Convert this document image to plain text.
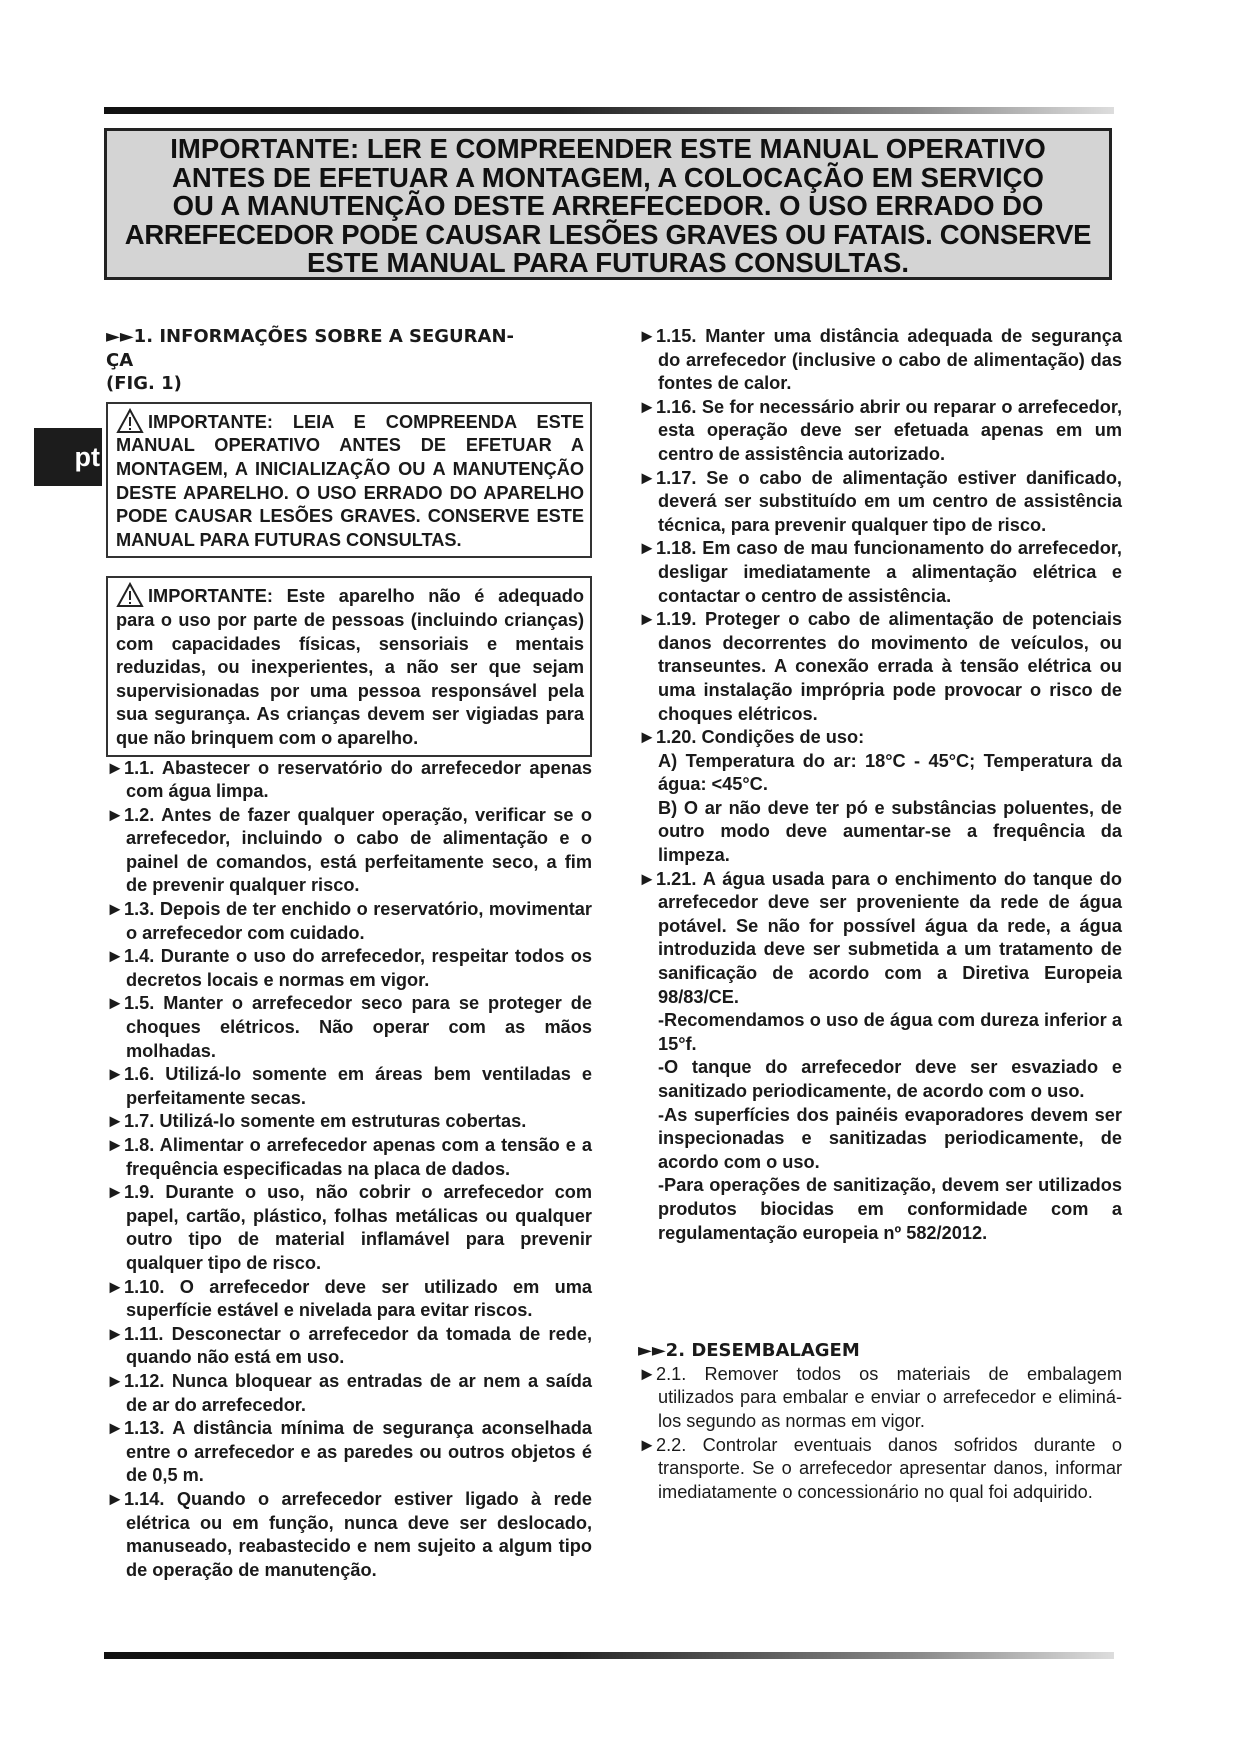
IMPORTANTE: LER E COMPREENDER ESTE MANUAL OPERATIVO
ANTES DE EFETUAR A MONTAGEM, A COLOCAÇÃO EM SERVIÇO
OU A MANUTENÇÃO DESTE ARREFECEDOR. O USO ERRADO DO
ARREFECEDOR PODE CAUSAR LESÕES GRAVES OU FATAIS. CONSERVE
ESTE MANUAL PARA FUTURAS CONSULTAS.
pt
►►1. INFORMAÇÕES SOBRE A SEGURAN-
ÇA
(FIG. 1)

IMPORTANTE: LEIA E COMPREENDA ESTE MANUAL OPERATIVO ANTES DE EFETUAR A MONTAGEM, A INICIALIZAÇÃO OU A MANUTENÇÃO DESTE APARELHO. O USO ERRADO DO APARELHO PODE CAUSAR LESÕES GRAVES. CONSERVE ESTE MANUAL PARA FUTURAS CONSULTAS.

IMPORTANTE: Este aparelho não é adequado para o uso por parte de pessoas (incluindo crianças) com capacidades físicas, sensoriais e mentais reduzidas, ou inexperientes, a não ser que sejam supervisionadas por uma pessoa responsável pela sua segurança. As crianças devem ser vigiadas para que não brinquem com o aparelho.

►1.1. Abastecer o reservatório do arrefecedor apenas com água limpa.

►1.2. Antes de fazer qualquer operação, verificar se o arrefecedor, incluindo o cabo de alimentação e o painel de comandos, está perfeitamente seco, a fim de prevenir qualquer risco.

►1.3. Depois de ter enchido o reservatório, movimentar o arrefecedor com cuidado.

►1.4. Durante o uso do arrefecedor, respeitar todos os decretos locais e normas em vigor.

►1.5. Manter o arrefecedor seco para se proteger de choques elétricos. Não operar com as mãos molhadas.

►1.6. Utilizá-lo somente em áreas bem ventiladas e perfeitamente secas.

►1.7. Utilizá-lo somente em estruturas cobertas.

►1.8. Alimentar o arrefecedor apenas com a tensão e a frequência especificadas na placa de dados.

►1.9. Durante o uso, não cobrir o arrefecedor com papel, cartão, plástico, folhas metálicas ou qualquer outro tipo de material inflamável para prevenir qualquer tipo de risco.

►1.10. O arrefecedor deve ser utilizado em uma superfície estável e nivelada para evitar riscos.

►1.11. Desconectar o arrefecedor da tomada de rede, quando não está em uso.

►1.12. Nunca bloquear as entradas de ar nem a saída de ar do arrefecedor.

►1.13. A distância mínima de segurança aconselhada entre o arrefecedor e as paredes ou outros objetos é de 0,5 m.

►1.14. Quando o arrefecedor estiver ligado à rede elétrica ou em função, nunca deve ser deslocado, manuseado, reabastecido e nem sujeito a algum tipo de operação de manutenção.

►1.15. Manter uma distância adequada de segurança do arrefecedor (inclusive o cabo de alimentação) das fontes de calor.

►1.16. Se for necessário abrir ou reparar o arrefecedor, esta operação deve ser efetuada apenas em um centro de assistência autorizado.

►1.17. Se o cabo de alimentação estiver danificado, deverá ser substituído em um centro de assistência técnica, para prevenir qualquer tipo de risco.

►1.18. Em caso de mau funcionamento do arrefecedor, desligar imediatamente a alimentação elétrica e contactar o centro de assistência.

►1.19. Proteger o cabo de alimentação de potenciais danos decorrentes do movimento de veículos, ou transeuntes. A conexão errada à tensão elétrica ou uma instalação imprópria pode provocar o risco de choques elétricos.

►1.20. Condições de uso:

A) Temperatura do ar: 18°C - 45°C; Temperatura da água: <45°C.

B) O ar não deve ter pó e substâncias poluentes, de outro modo deve aumentar-se a frequência da limpeza.

►1.21. A água usada para o enchimento do tanque do arrefecedor deve ser proveniente da rede de água potável. Se não for possível água da rede, a água introduzida deve ser submetida a um tratamento de sanificação de acordo com a Diretiva Europeia 98/83/CE.

-Recomendamos o uso de água com dureza inferior a 15°f.

-O tanque do arrefecedor deve ser esvaziado e sanitizado periodicamente, de acordo com o uso.

-As superfícies dos painéis evaporadores devem ser inspecionadas e sanitizadas periodicamente, de acordo com o uso.

-Para operações de sanitização, devem ser utilizados produtos biocidas em conformidade com a regulamentação europeia nº 582/2012.

►►2. DESEMBALAGEM

►2.1. Remover todos os materiais de embalagem utilizados para embalar e enviar o arrefecedor e eliminá-los segundo as normas em vigor.

►2.2. Controlar eventuais danos sofridos durante o transporte. Se o arrefecedor apresentar danos, informar imediatamente o concessionário no qual foi adquirido.
